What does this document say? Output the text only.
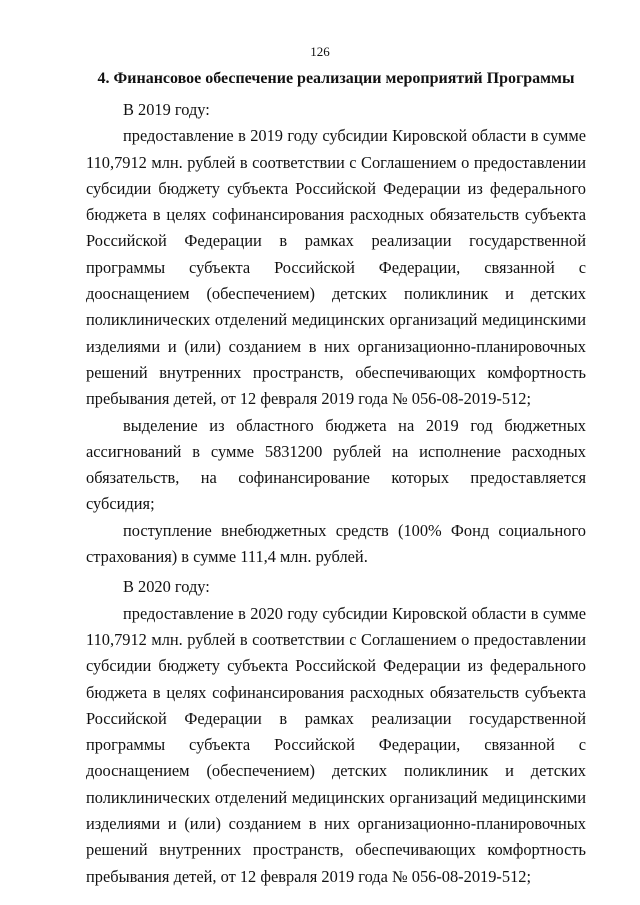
126
4. Финансовое обеспечение реализации мероприятий Программы

В 2019 году:

предоставление в 2019 году субсидии Кировской области в сумме 110,7912 млн. рублей в соответствии с Соглашением о предоставлении субсидии бюджету субъекта Российской Федерации из федерального бюджета в целях софинансирования расходных обязательств субъекта Российской Федерации в рамках реализации государственной программы субъекта Российской Федерации, связанной с дооснащением (обеспечением) детских поликлиник и детских поликлинических отделений медицинских организаций медицинскими изделиями и (или) созданием в них организационно-планировочных решений внутренних пространств, обеспечивающих комфортность пребывания детей, от 12 февраля 2019 года № 056-08-2019-512;

выделение из областного бюджета на 2019 год бюджетных ассигнований в сумме 5831200 рублей на исполнение расходных обязательств, на софинансирование которых предоставляется субсидия;

поступление внебюджетных средств (100% Фонд социального страхования) в сумме 111,4 млн. рублей.

В 2020 году:

предоставление в 2020 году субсидии Кировской области в сумме 110,7912 млн. рублей в соответствии с Соглашением о предоставлении субсидии бюджету субъекта Российской Федерации из федерального бюджета в целях софинансирования расходных обязательств субъекта Российской Федерации в рамках реализации государственной программы субъекта Российской Федерации, связанной с дооснащением (обеспечением) детских поликлиник и детских поликлинических отделений медицинских организаций медицинскими изделиями и (или) созданием в них организационно-планировочных решений внутренних пространств, обеспечивающих комфортность пребывания детей, от 12 февраля 2019 года № 056-08-2019-512;
